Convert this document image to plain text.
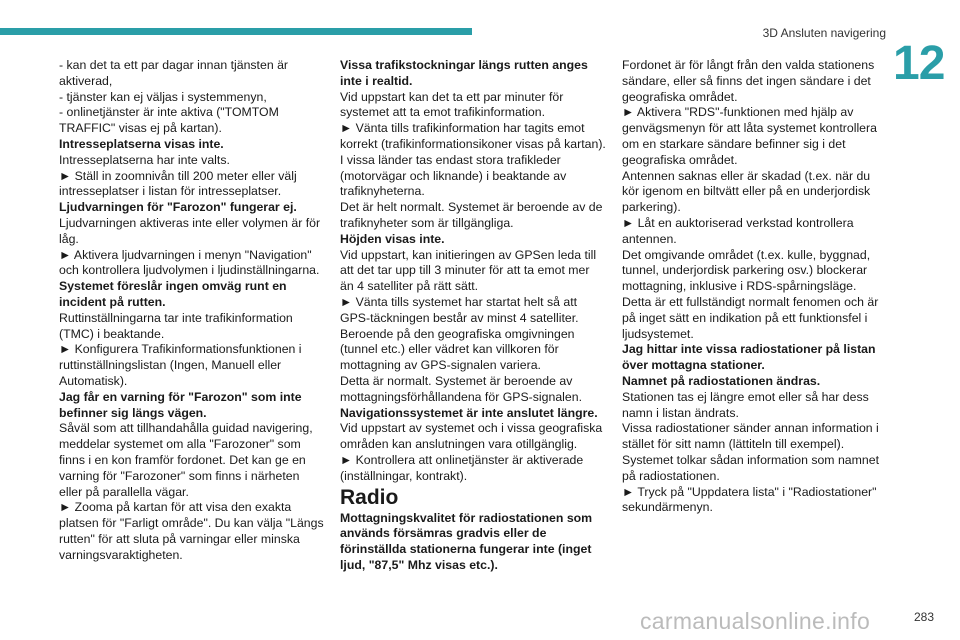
3D Ansluten navigering
12

- kan det ta ett par dagar innan tjänsten är aktiverad,

- tjänster kan ej väljas i systemmenyn,

- onlinetjänster är inte aktiva ("TOMTOM TRAFFIC" visas ej på kartan).

Intresseplatserna visas inte.

Intresseplatserna har inte valts.

► Ställ in zoomnivån till 200 meter eller välj intresseplatser i listan för intresseplatser.

Ljudvarningen för "Farozon" fungerar ej.

Ljudvarningen aktiveras inte eller volymen är för låg.

► Aktivera ljudvarningen i menyn "Navigation" och kontrollera ljudvolymen i ljudinställningarna.

Systemet föreslår ingen omväg runt en incident på rutten.

Ruttinställningarna tar inte trafikinformation (TMC) i beaktande.

► Konfigurera Trafikinformationsfunktionen i ruttinställningslistan (Ingen, Manuell eller Automatisk).

Jag får en varning för "Farozon" som inte befinner sig längs vägen.

Såväl som att tillhandahålla guidad navigering, meddelar systemet om alla "Farozoner" som finns i en kon framför fordonet. Det kan ge en varning för "Farozoner" som finns i närheten eller på parallella vägar.

► Zooma på kartan för att visa den exakta platsen för "Farligt område". Du kan välja "Längs rutten" för att sluta på varningar eller minska varningsvaraktigheten.

Vissa trafikstockningar längs rutten anges inte i realtid.

Vid uppstart kan det ta ett par minuter för systemet att ta emot trafikinformation.

► Vänta tills trafikinformation har tagits emot korrekt (trafikinformationsikoner visas på kartan).

I vissa länder tas endast stora trafikleder (motorvägar och liknande) i beaktande av trafiknyheterna.

Det är helt normalt. Systemet är beroende av de trafiknyheter som är tillgängliga.

Höjden visas inte.

Vid uppstart, kan initieringen av GPSen leda till att det tar upp till 3 minuter för att ta emot mer än 4 satelliter på rätt sätt.

► Vänta tills systemet har startat helt så att GPS-täckningen består av minst 4 satelliter.

Beroende på den geografiska omgivningen (tunnel etc.) eller vädret kan villkoren för mottagning av GPS-signalen variera.

Detta är normalt. Systemet är beroende av mottagningsförhållandena för GPS-signalen.

Navigationssystemet är inte anslutet längre.

Vid uppstart av systemet och i vissa geografiska områden kan anslutningen vara otillgänglig.

► Kontrollera att onlinetjänster är aktiverade (inställningar, kontrakt).

Radio

Mottagningskvalitet för radiostationen som används försämras gradvis eller de förinställda stationerna fungerar inte (inget ljud, "87,5" Mhz visas etc.).

Fordonet är för långt från den valda stationens sändare, eller så finns det ingen sändare i det geografiska området.

► Aktivera "RDS"-funktionen med hjälp av genvägsmenyn för att låta systemet kontrollera om en starkare sändare befinner sig i det geografiska området.

Antennen saknas eller är skadad (t.ex. när du kör igenom en biltvätt eller på en underjordisk parkering).

► Låt en auktoriserad verkstad kontrollera antennen.

Det omgivande området (t.ex. kulle, byggnad, tunnel, underjordisk parkering osv.) blockerar mottagning, inklusive i RDS-spårningsläge.

Detta är ett fullständigt normalt fenomen och är på inget sätt en indikation på ett funktionsfel i ljudsystemet.

Jag hittar inte vissa radiostationer på listan över mottagna stationer.

Namnet på radiostationen ändras.

Stationen tas ej längre emot eller så har dess namn i listan ändrats.

Vissa radiostationer sänder annan information i stället för sitt namn (lättiteln till exempel).

Systemet tolkar sådan information som namnet på radiostationen.

► Tryck på "Uppdatera lista" i "Radiostationer" sekundärmenyn.

carmanualsonline.info	283
